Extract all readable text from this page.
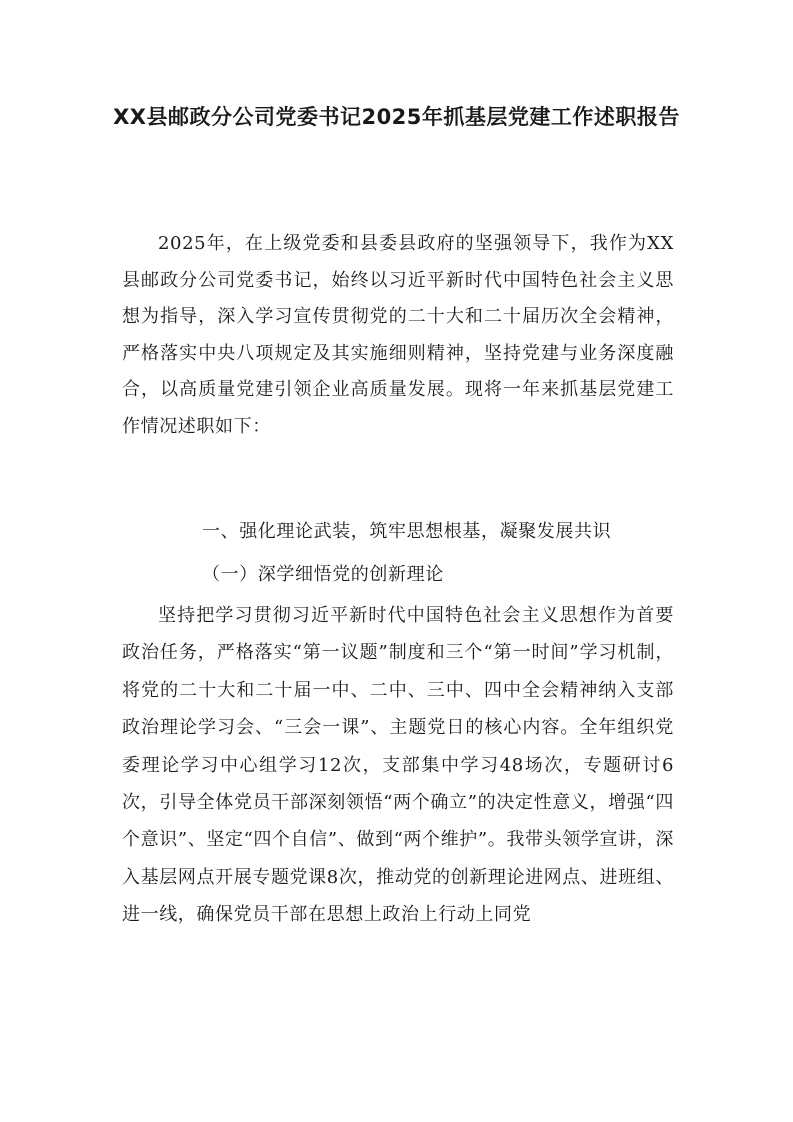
XX县邮政分公司党委书记2025年抓基层党建工作述职报告

2025年，在上级党委和县委县政府的坚强领导下，我作为XX县邮政分公司党委书记，始终以习近平新时代中国特色社会主义思想为指导，深入学习宣传贯彻党的二十大和二十届历次全会精神，严格落实中央八项规定及其实施细则精神，坚持党建与业务深度融合，以高质量党建引领企业高质量发展。现将一年来抓基层党建工作情况述职如下：

一、强化理论武装，筑牢思想根基，凝聚发展共识

（一）深学细悟党的创新理论

坚持把学习贯彻习近平新时代中国特色社会主义思想作为首要政治任务，严格落实“第一议题”制度和三个“第一时间”学习机制，将党的二十大和二十届一中、二中、三中、四中全会精神纳入支部政治理论学习会、“三会一课”、主题党日的核心内容。全年组织党委理论学习中心组学习12次，支部集中学习48场次，专题研讨6次，引导全体党员干部深刻领悟“两个确立”的决定性意义，增强“四个意识”、坚定“四个自信”、做到“两个维护”。我带头领学宣讲，深入基层网点开展专题党课8次，推动党的创新理论进网点、进班组、进一线，确保党员干部在思想上政治上行动上同党
